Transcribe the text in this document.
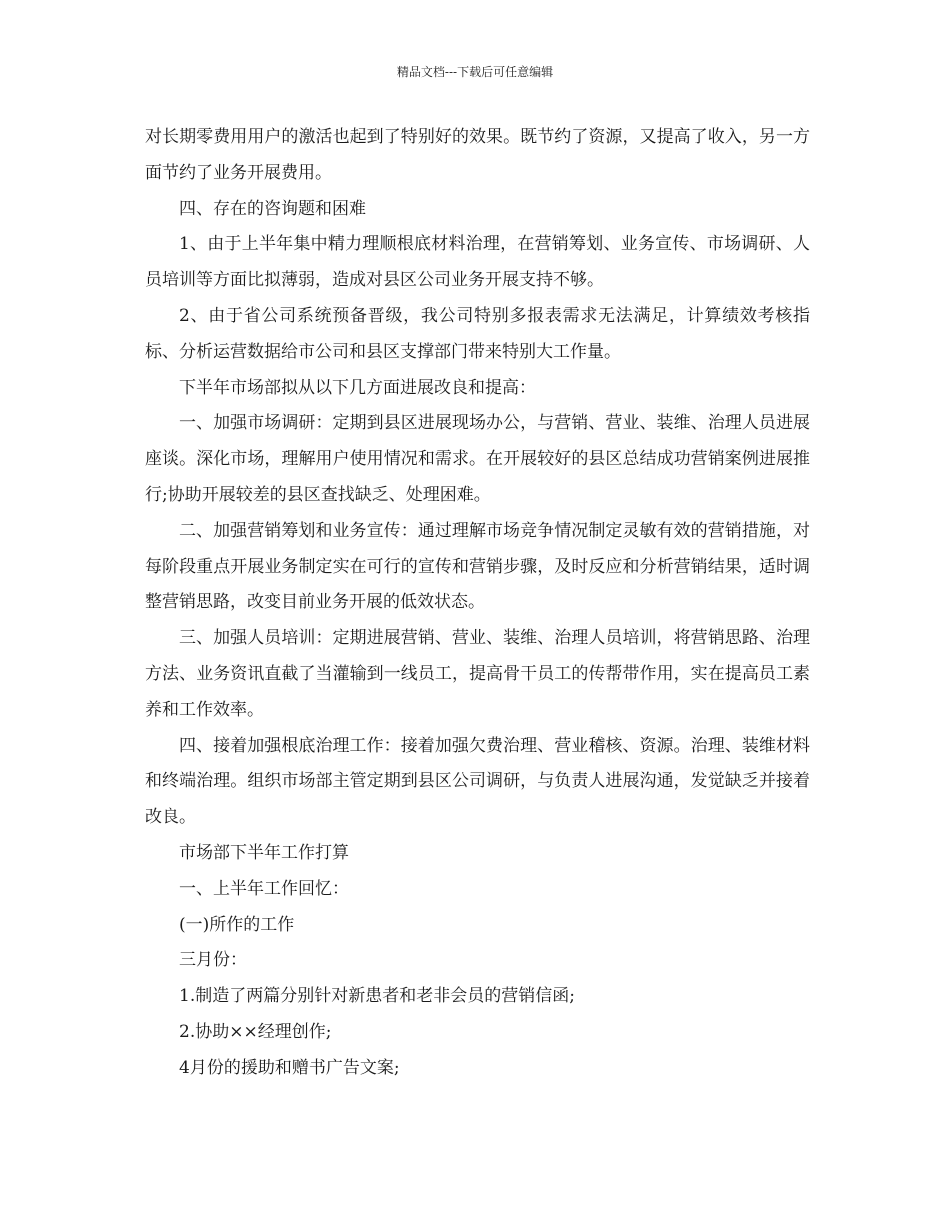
精品文档---下载后可任意编辑

对长期零费用用户的激活也起到了特别好的效果。既节约了资源，又提高了收入，另一方面节约了业务开展费用。

四、存在的咨询题和困难

1、由于上半年集中精力理顺根底材料治理，在营销筹划、业务宣传、市场调研、人员培训等方面比拟薄弱，造成对县区公司业务开展支持不够。

2、由于省公司系统预备晋级，我公司特别多报表需求无法满足，计算绩效考核指标、分析运营数据给市公司和县区支撑部门带来特别大工作量。

下半年市场部拟从以下几方面进展改良和提高：

一、加强市场调研：定期到县区进展现场办公，与营销、营业、装维、治理人员进展座谈。深化市场，理解用户使用情况和需求。在开展较好的县区总结成功营销案例进展推行;协助开展较差的县区查找缺乏、处理困难。

二、加强营销筹划和业务宣传：通过理解市场竞争情况制定灵敏有效的营销措施，对每阶段重点开展业务制定实在可行的宣传和营销步骤，及时反应和分析营销结果，适时调整营销思路，改变目前业务开展的低效状态。

三、加强人员培训：定期进展营销、营业、装维、治理人员培训，将营销思路、治理方法、业务资讯直截了当灌输到一线员工，提高骨干员工的传帮带作用，实在提高员工素养和工作效率。

四、接着加强根底治理工作：接着加强欠费治理、营业稽核、资源。治理、装维材料和终端治理。组织市场部主管定期到县区公司调研，与负责人进展沟通，发觉缺乏并接着改良。

市场部下半年工作打算

一、上半年工作回忆：

(一)所作的工作

三月份：

1.制造了两篇分别针对新患者和老非会员的营销信函;

2.协助××经理创作;

4月份的援助和赠书广告文案;
